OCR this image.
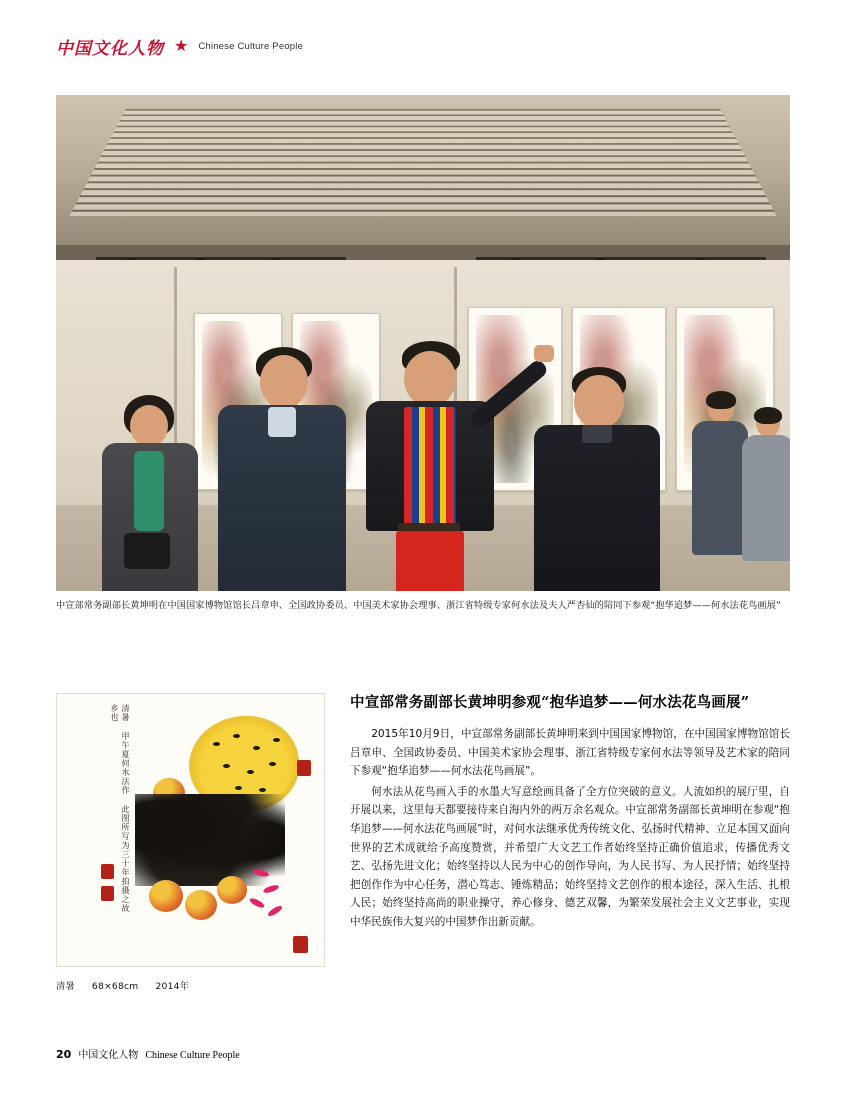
中国文化人物 ★ Chinese Culture People
中宣部常务副部长黄坤明在中国国家博物馆馆长吕章申、全国政协委员、中国美术家协会理事、浙江省特级专家何水法及夫人严杏仙的陪同下参观“抱华追梦——何水法花鸟画展”
清暑 甲午夏何水法作 此图所写为三十年拍摄之故乡也
清暑 68×68cm 2014年
中宣部常务副部长黄坤明参观“抱华追梦——何水法花鸟画展”

2015年10月9日，中宣部常务副部长黄坤明来到中国国家博物馆，在中国国家博物馆馆长吕章申、全国政协委员、中国美术家协会理事、浙江省特级专家何水法等领导及艺术家的陪同下参观“抱华追梦——何水法花鸟画展”。

何水法从花鸟画入手的水墨大写意绘画具备了全方位突破的意义。人流如织的展厅里，自开展以来，这里每天都要接待来自海内外的两万余名观众。中宣部常务副部长黄坤明在参观“抱华追梦——何水法花鸟画展”时，对何水法继承优秀传统文化、弘扬时代精神、立足本国又面向世界的艺术成就给予高度赞赏，并希望广大文艺工作者始终坚持正确价值追求，传播优秀文艺、弘扬先进文化；始终坚持以人民为中心的创作导向，为人民书写、为人民抒情；始终坚持把创作作为中心任务，潜心笃志、锤炼精品；始终坚持文艺创作的根本途径，深入生活、扎根人民；始终坚持高尚的职业操守，养心修身、德艺双馨，为繁荣发展社会主义文艺事业，实现中华民族伟大复兴的中国梦作出新贡献。

20 中国文化人物 Chinese Culture People
